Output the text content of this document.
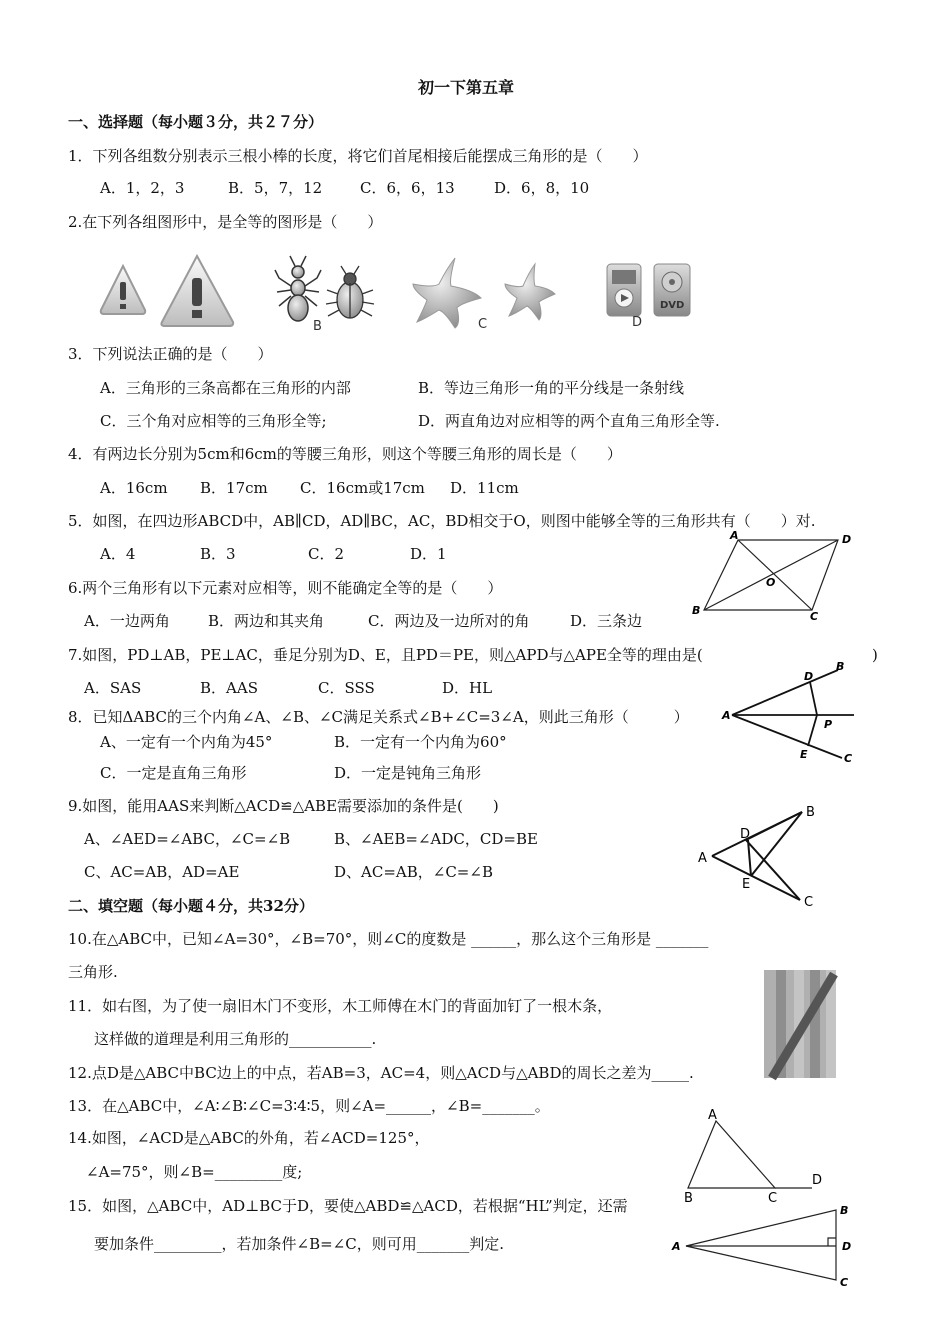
初一下第五章
一、选择题（每小题３分，共２７分）
1．下列各组数分别表示三根小棒的长度，将它们首尾相接后能摆成三角形的是（　　）
A．1，2，3	B．5，7，12	C．6，6，13	D．6，8，10
2.在下列各组图形中，是全等的图形是（　　）
B	C
DVD
D
3．下列说法正确的是（　　）
A．三角形的三条高都在三角形的内部	B．等边三角形一角的平分线是一条射线
C．三个角对应相等的三角形全等;	D．两直角边对应相等的两个直角三角形全等.
4．有两边长分别为5cm和6cm的等腰三角形，则这个等腰三角形的周长是（　　）
A．16cm B．17cm C．16cm或17cm D．11cm
5．如图，在四边形ABCD中，AB∥CD，AD∥BC，AC，BD相交于O，则图中能够全等的三角形共有（　　）对.
A．4	B．3	C．2	D．1
A	D
B	C
O
6.两个三角形有以下元素对应相等，则不能确定全等的是（　　）
A．一边两角	B．两边和其夹角	C．两边及一边所对的角	D．三条边
7.如图，PD⊥AB，PE⊥AC，垂足分别为D、E，且PD＝PE，则△APD与△APE全等的理由是(	)
A．SAS	B．AAS	C．SSS	D．HL
A
B
D
P
E	C
8．已知ΔABC的三个内角∠A、∠B、∠C满足关系式∠B+∠C=3∠A，则此三角形（　　　）
A、一定有一个内角为45°	B．一定有一个内角为60°
C．一定是直角三角形	D．一定是钝角三角形
9.如图，能用AAS来判断△ACD≌△ABE需要添加的条件是(　　)
A、∠AED=∠ABC，∠C=∠B	B、∠AEB=∠ADC，CD=BE
C、AC=AB，AD=AE	D、AC=AB，∠C=∠B
A
B
D
E
C
二、填空题（每小题４分，共32分）
10.在△ABC中，已知∠A=30°，∠B=70°，则∠C的度数是 ______，那么这个三角形是 _______
三角形.
11．如右图，为了使一扇旧木门不变形，木工师傅在木门的背面加钉了一根木条，
这样做的道理是利用三角形的___________.
12.点D是△ABC中BC边上的中点，若AB=3，AC=4，则△ACD与△ABD的周长之差为_____.
13．在△ABC中，∠A∶∠B∶∠C=3∶4∶5，则∠A=______，∠B=_______。
14.如图，∠ACD是△ABC的外角，若∠ACD=125°，
∠A=75°，则∠B=_________度;
A
B	C
D
15．如图，△ABC中，AD⊥BC于D，要使△ABD≌△ACD，若根据“HL”判定，还需
要加条件_________，若加条件∠B=∠C，则可用_______判定.	A
B
D
C
